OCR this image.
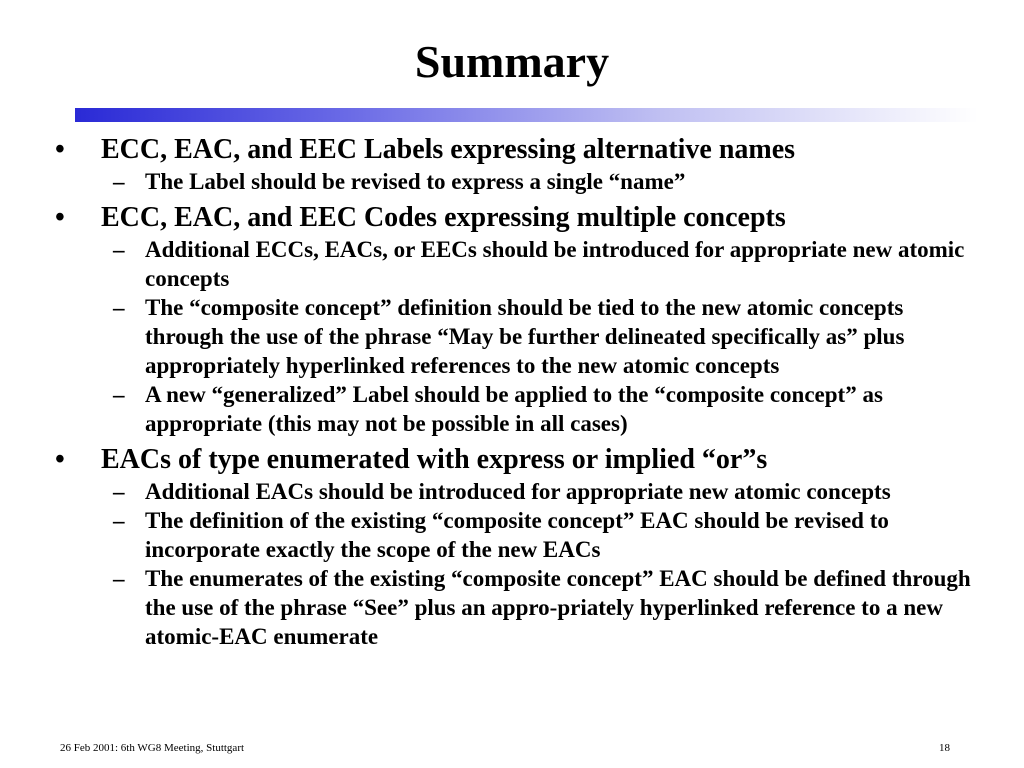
Summary
•	ECC, EAC, and EEC Labels expressing alternative names
– The Label should be revised to express a single “name”
•	ECC, EAC, and EEC Codes expressing multiple concepts
– Additional ECCs, EACs, or EECs should be introduced for appropriate new atomic concepts
– The “composite concept” definition should be tied to the new atomic concepts through the use of the phrase “May be further delineated specifically as” plus appropriately hyperlinked references to the new atomic concepts
– A new “generalized” Label should be applied to the “composite concept” as appropriate (this may not be possible in all cases)
•	EACs of type enumerated with express or implied “or”s
– Additional EACs should be introduced for appropriate new atomic concepts
– The definition of the existing “composite concept” EAC should be revised to incorporate exactly the scope of the new EACs
– The enumerates of the existing “composite concept” EAC should be defined through the use of the phrase “See” plus an appro-priately hyperlinked reference to a new atomic-EAC enumerate
26 Feb 2001: 6th WG8 Meeting, Stuttgart	18
